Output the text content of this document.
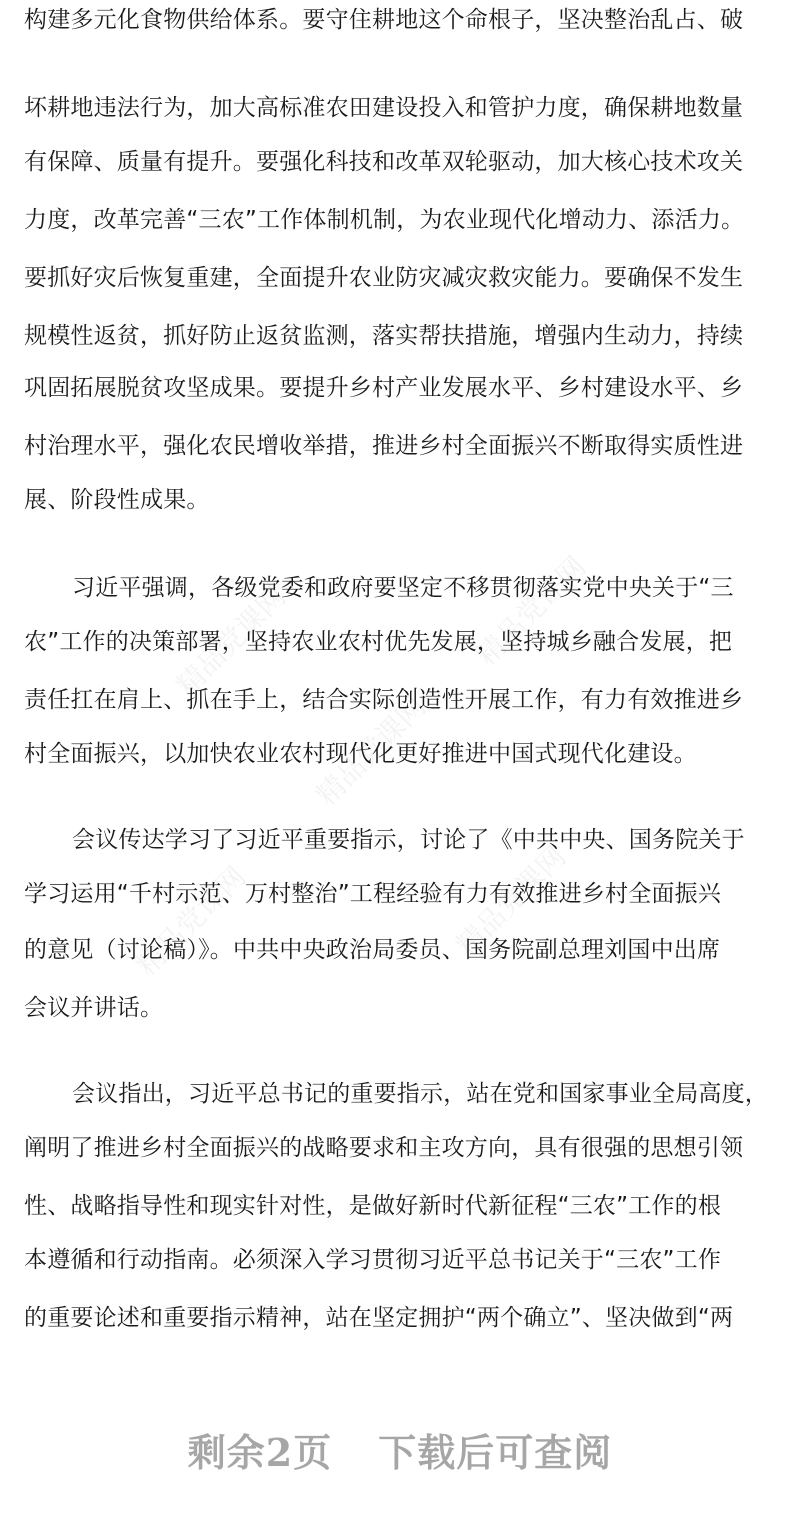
精品党课网	精品党课网
精品党课网
精品党课网	精品党课网
构建多元化食物供给体系。要守住耕地这个命根子，坚决整治乱占、破
坏耕地违法行为，加大高标准农田建设投入和管护力度，确保耕地数量
有保障、质量有提升。要强化科技和改革双轮驱动，加大核心技术攻关
力度，改革完善“三农”工作体制机制，为农业现代化增动力、添活力。
要抓好灾后恢复重建，全面提升农业防灾减灾救灾能力。要确保不发生
规模性返贫，抓好防止返贫监测，落实帮扶措施，增强内生动力，持续
巩固拓展脱贫攻坚成果。要提升乡村产业发展水平、乡村建设水平、乡
村治理水平，强化农民增收举措，推进乡村全面振兴不断取得实质性进
展、阶段性成果。
习近平强调，各级党委和政府要坚定不移贯彻落实党中央关于“三
农”工作的决策部署，坚持农业农村优先发展，坚持城乡融合发展，把
责任扛在肩上、抓在手上，结合实际创造性开展工作，有力有效推进乡
村全面振兴，以加快农业农村现代化更好推进中国式现代化建设。
会议传达学习了习近平重要指示，讨论了《中共中央、国务院关于
学习运用“千村示范、万村整治”工程经验有力有效推进乡村全面振兴
的意见（讨论稿）》。中共中央政治局委员、国务院副总理刘国中出席
会议并讲话。
会议指出，习近平总书记的重要指示，站在党和国家事业全局高度，
阐明了推进乡村全面振兴的战略要求和主攻方向，具有很强的思想引领
性、战略指导性和现实针对性，是做好新时代新征程“三农”工作的根
本遵循和行动指南。必须深入学习贯彻习近平总书记关于“三农”工作
的重要论述和重要指示精神，站在坚定拥护“两个确立”、坚决做到“两
剩余2页 下载后可查阅
